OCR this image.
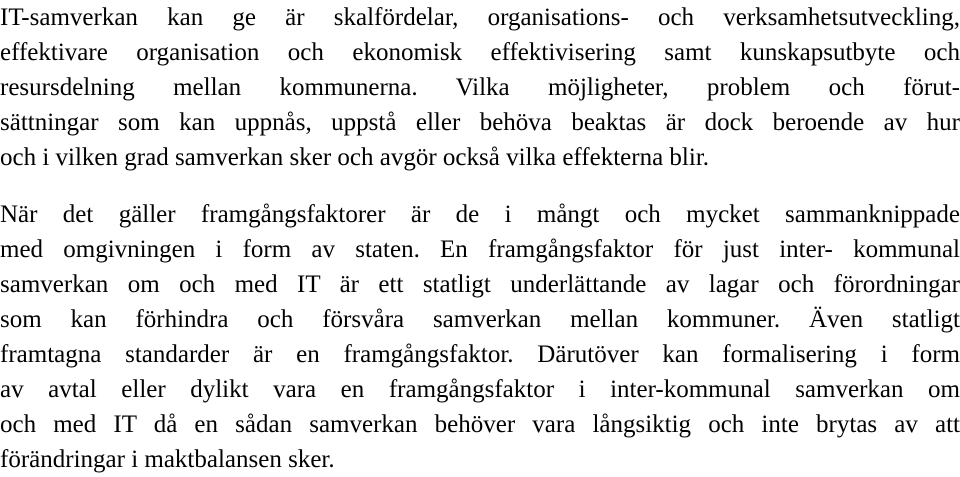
IT-samverkan kan ge är skalfördelar, organisations- och verksamhetsutveckling,
effektivare organisation och ekonomisk effektivisering samt kunskapsutbyte och
resursdelning mellan kommunerna. Vilka möjligheter, problem och förut-
sättningar som kan uppnås, uppstå eller behöva beaktas är dock beroende av hur
och i vilken grad samverkan sker och avgör också vilka effekterna blir.
När det gäller framgångsfaktorer är de i mångt och mycket sammanknippade
med omgivningen i form av staten. En framgångsfaktor för just inter- kommunal
samverkan om och med IT är ett statligt underlättande av lagar och förordningar
som kan förhindra och försvåra samverkan mellan kommuner. Även statligt
framtagna standarder är en framgångsfaktor. Därutöver kan formalisering i form
av avtal eller dylikt vara en framgångsfaktor i inter-kommunal samverkan om
och med IT då en sådan samverkan behöver vara långsiktig och inte brytas av att
förändringar i maktbalansen sker.
